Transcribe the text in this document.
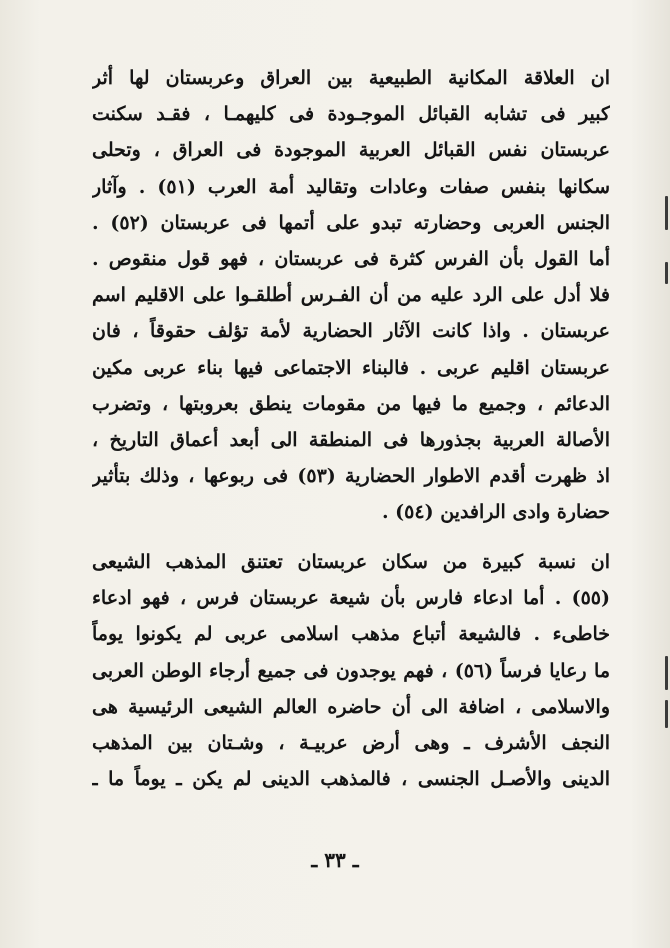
ان العلاقة المكانية الطبيعية بين العراق وعربستان لها أثر
كبير فى تشابه القبائل الموجـودة فى كليهمـا ، فقـد سكنت
عربستان نفس القبائل العربية الموجودة فى العراق ، وتحلى
سكانها بنفس صفات وعادات وتقاليد أمة العرب (٥١) . وآثار
الجنس العربى وحضارته تبدو على أتمها فى عربستان (٥٢) .
أما القول بأن الفرس كثرة فى عربستان ، فهو قول منقوص .
فلا أدل على الرد عليه من أن الفـرس أطلقـوا على الاقليم اسم
عربستان . واذا كانت الآثار الحضارية لأمة تؤلف حقوقاً ، فان
عربستان اقليم عربى . فالبناء الاجتماعى فيها بناء عربى مكين
الدعائم ، وجميع ما فيها من مقومات ينطق بعروبتها ، وتضرب
الأصالة العربية بجذورها فى المنطقة الى أبعد أعماق التاريخ ،
اذ ظهرت أقدم الاطوار الحضارية (٥٣) فى ربوعها ، وذلك بتأثير
حضارة وادى الرافدين (٥٤) .
ان نسبة كبيرة من سكان عربستان تعتنق المذهب الشيعى
(٥٥) . أما ادعاء فارس بأن شيعة عربستان فرس ، فهو ادعاء
خاطىء . فالشيعة أتباع مذهب اسلامى عربى لم يكونوا يوماً
ما رعايا فرساً (٥٦) ، فهم يوجدون فى جميع أرجاء الوطن العربى
والاسلامى ، اضافة الى أن حاضره العالم الشيعى الرئيسية هى
النجف الأشرف ـ وهى أرض عربيـة ، وشـتان بين المذهب
الدينى والأصـل الجنسى ، فالمذهب الدينى لم يكن ـ يوماً ما ـ
ـ ٣٣ ـ
